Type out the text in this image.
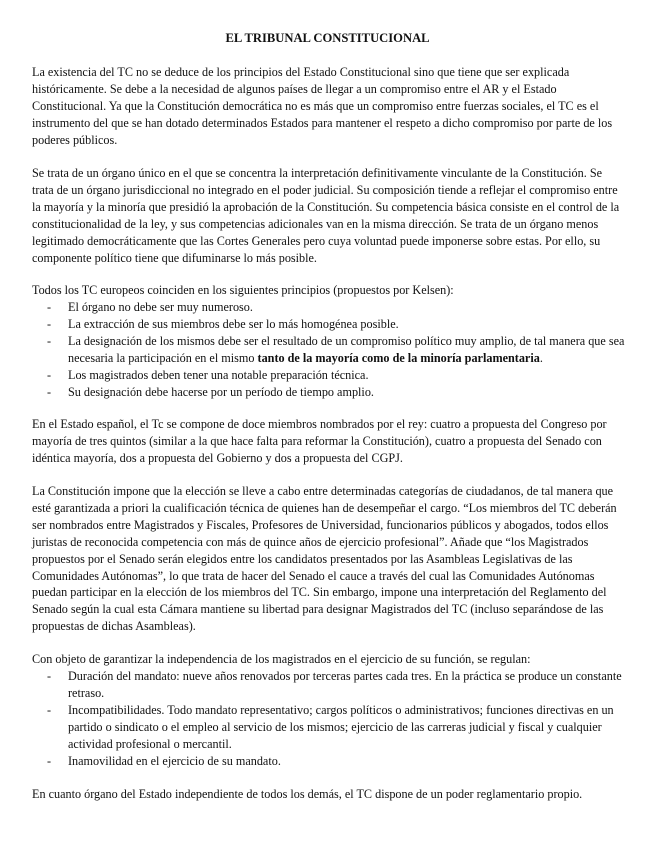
EL TRIBUNAL CONSTITUCIONAL

La existencia del TC no se deduce de los principios del Estado Constitucional sino que tiene que ser explicada históricamente. Se debe a la necesidad de algunos países de llegar a un compromiso entre el AR y el Estado Constitucional. Ya que la Constitución democrática no es más que un compromiso entre fuerzas sociales, el TC es el instrumento del que se han dotado determinados Estados para mantener el respeto a dicho compromiso por parte de los poderes públicos.

Se trata de un órgano único en el que se concentra la interpretación definitivamente vinculante de la Constitución. Se trata de un órgano jurisdiccional no integrado en el poder judicial. Su composición tiende a reflejar el compromiso entre la mayoría y la minoría que presidió la aprobación de la Constitución. Su competencia básica consiste en el control de la constitucionalidad de la ley, y sus competencias adicionales van en la misma dirección. Se trata de un órgano menos legitimado democráticamente que las Cortes Generales pero cuya voluntad puede imponerse sobre estas. Por ello, su componente político tiene que difuminarse lo más posible.

Todos los TC europeos coinciden en los siguientes principios (propuestos por Kelsen):

- El órgano no debe ser muy numeroso.
- La extracción de sus miembros debe ser lo más homogénea posible.
- La designación de los mismos debe ser el resultado de un compromiso político muy amplio, de tal manera que sea necesaria la participación en el mismo tanto de la mayoría como de la minoría parlamentaria.
- Los magistrados deben tener una notable preparación técnica.
- Su designación debe hacerse por un período de tiempo amplio.

En el Estado español, el Tc se compone de doce miembros nombrados por el rey: cuatro a propuesta del Congreso por mayoría de tres quintos (similar a la que hace falta para reformar la Constitución), cuatro a propuesta del Senado con idéntica mayoría, dos a propuesta del Gobierno y dos a propuesta del CGPJ.

La Constitución impone que la elección se lleve a cabo entre determinadas categorías de ciudadanos, de tal manera que esté garantizada a priori la cualificación técnica de quienes han de desempeñar el cargo. “Los miembros del TC deberán ser nombrados entre Magistrados y Fiscales, Profesores de Universidad, funcionarios públicos y abogados, todos ellos juristas de reconocida competencia con más de quince años de ejercicio profesional”. Añade que “los Magistrados propuestos por el Senado serán elegidos entre los candidatos presentados por las Asambleas Legislativas de las Comunidades Autónomas”, lo que trata de hacer del Senado el cauce a través del cual las Comunidades Autónomas puedan participar en la elección de los miembros del TC. Sin embargo, impone una interpretación del Reglamento del Senado según la cual esta Cámara mantiene su libertad para designar Magistrados del TC (incluso separándose de las propuestas de dichas Asambleas).

Con objeto de garantizar la independencia de los magistrados en el ejercicio de su función, se regulan:

- Duración del mandato: nueve años renovados por terceras partes cada tres. En la práctica se produce un constante retraso.
- Incompatibilidades. Todo mandato representativo; cargos políticos o administrativos; funciones directivas en un partido o sindicato o el empleo al servicio de los mismos; ejercicio de las carreras judicial y fiscal y cualquier actividad profesional o mercantil.
- Inamovilidad en el ejercicio de su mandato.

En cuanto órgano del Estado independiente de todos los demás, el TC dispone de un poder reglamentario propio.
